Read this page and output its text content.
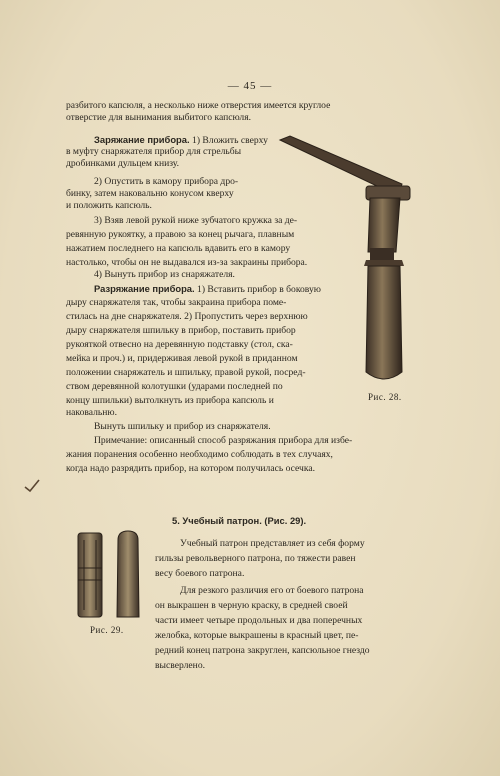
— 45 —
разбитого капсюля, а несколько ниже отверстия имеется круглое
отверстие для вынимания выбитого капсюля.
Заряжание прибора. 1) Вложить сверху
в муфту снаряжателя прибор для стрельбы
дробинками дульцем книзу.
2) Опустить в камору прибора дро-
бинку, затем наковальню конусом кверху
и положить капсюль.
3) Взяв левой рукой ниже зубчатого кружка за де-
ревянную рукоятку, а правою за конец рычага, плавным
нажатием последнего на капсюль вдавить его в камору
настолько, чтобы он не выдавался из-за закраины прибора.
4) Вынуть прибор из снаряжателя.
Разряжание прибора. 1) Вставить прибор в боковую
дыру снаряжателя так, чтобы закраина прибора поме-
стилась на дне снаряжателя. 2) Пропустить через верхнюю
дыру снаряжателя шпильку в прибор, поставить прибор
рукояткой отвесно на деревянную подставку (стол, ска-
мейка и проч.) и, придерживая левой рукой в приданном
положении снаряжатель и шпильку, правой рукой, посред-
ством деревянной колотушки (ударами последней по
концу шпильки) вытолкнуть из прибора капсюль и
наковальню.
Вынуть шпильку и прибор из снаряжателя.
Примечание: описанный способ разряжания прибора для избе-
жания поранения особенно необходимо соблюдать в тех случаях,
когда надо разрядить прибор, на котором получилась осечка.
5. Учебный патрон. (Рис. 29).
Учебный патрон представляет из себя форму
гильзы револьверного патрона, по тяжести равен
весу боевого патрона.
Для резкого различия его от боевого патрона
он выкрашен в черную краску, в средней своей
части имеет четыре продольных и два поперечных
желобка, которые выкрашены в красный цвет, пе-
редний конец патрона закруглен, капсюльное гнездо
высверлено.
Рис. 28.
Рис. 29.
